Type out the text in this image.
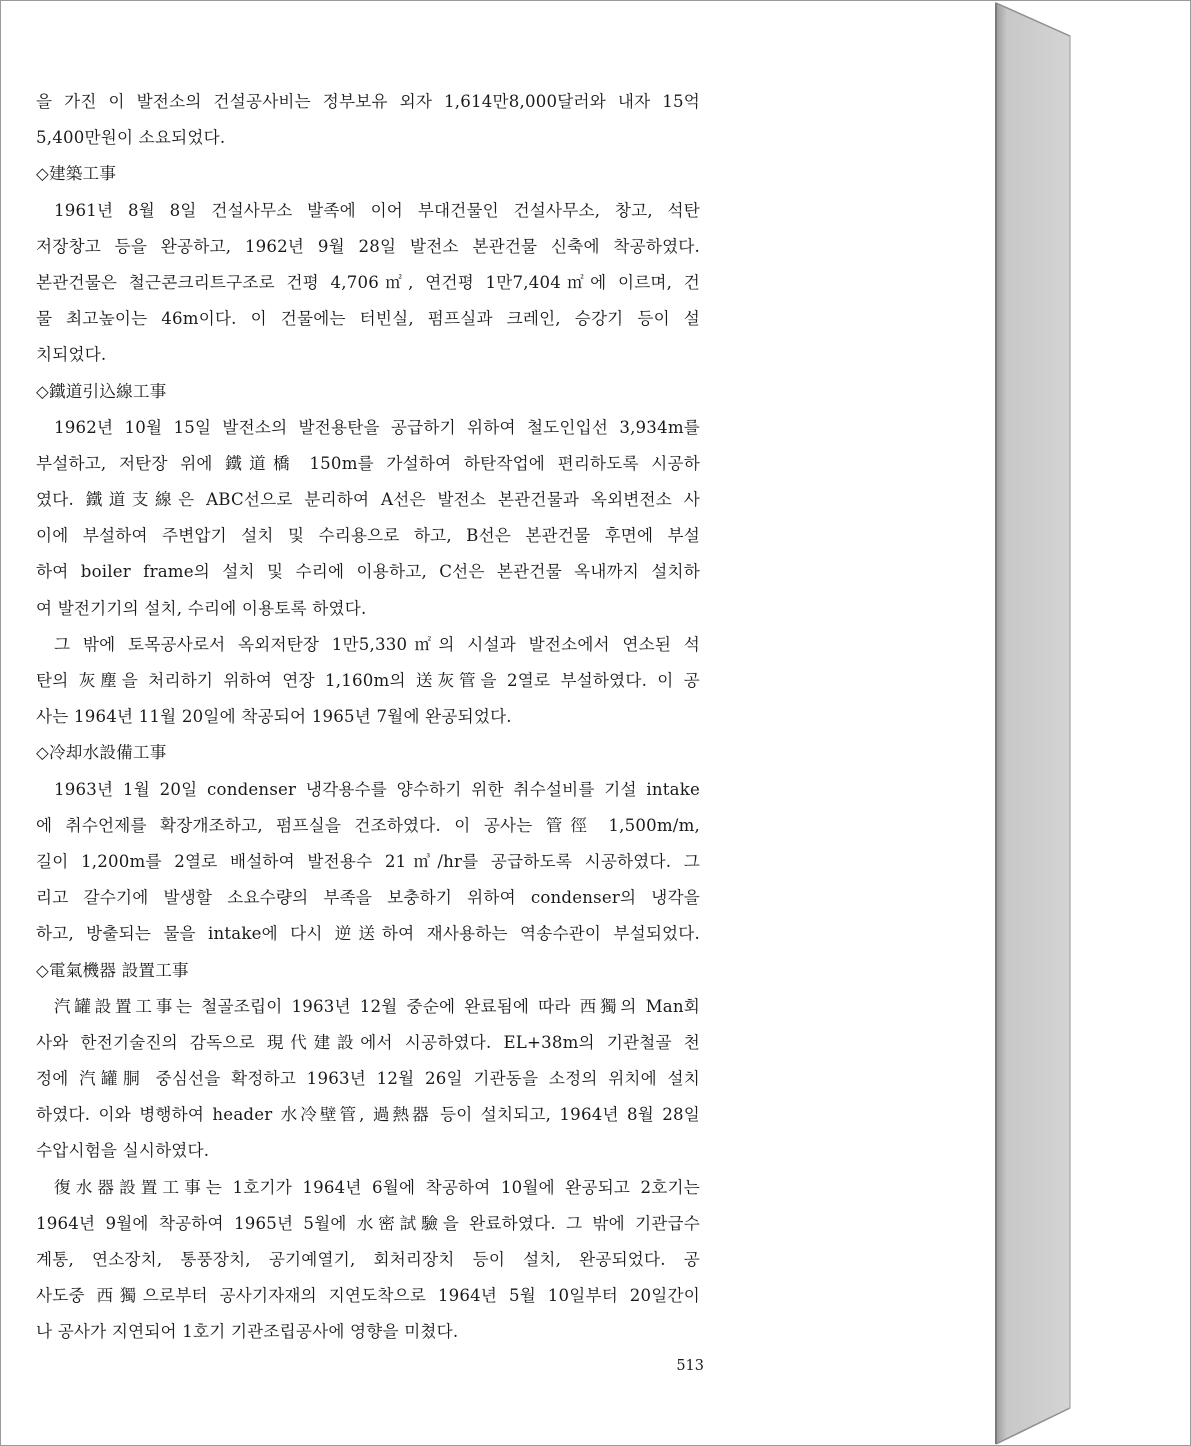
을 가진 이 발전소의 건설공사비는 정부보유 외자 1,614만8,000달러와 내자 15억
5,400만원이 소요되었다.
◇建築工事
1961년 8월 8일 건설사무소 발족에 이어 부대건물인 건설사무소, 창고, 석탄
저장창고 등을 완공하고, 1962년 9월 28일 발전소 본관건물 신축에 착공하였다.
본관건물은 철근콘크리트구조로 건평 4,706㎡, 연건평 1만7,404㎡에 이르며, 건
물 최고높이는 46m이다. 이 건물에는 터빈실, 펌프실과 크레인, 승강기 등이 설
치되었다.
◇鐵道引込線工事
1962년 10월 15일 발전소의 발전용탄을 공급하기 위하여 철도인입선 3,934m를
부설하고, 저탄장 위에 鐵道橋 150m를 가설하여 하탄작업에 편리하도록 시공하
였다. 鐵道支線은 ABC선으로 분리하여 A선은 발전소 본관건물과 옥외변전소 사
이에 부설하여 주변압기 설치 및 수리용으로 하고, B선은 본관건물 후면에 부설
하여 boiler frame의 설치 및 수리에 이용하고, C선은 본관건물 옥내까지 설치하
여 발전기기의 설치, 수리에 이용토록 하였다.
그 밖에 토목공사로서 옥외저탄장 1만5,330㎡의 시설과 발전소에서 연소된 석
탄의 灰塵을 처리하기 위하여 연장 1,160m의 送灰管을 2열로 부설하였다. 이 공
사는 1964년 11월 20일에 착공되어 1965년 7월에 완공되었다.
◇冷却水設備工事
1963년 1월 20일 condenser 냉각용수를 양수하기 위한 취수설비를 기설 intake
에 취수언제를 확장개조하고, 펌프실을 건조하였다. 이 공사는 管徑 1,500m/m,
길이 1,200m를 2열로 배설하여 발전용수 21㎥/hr를 공급하도록 시공하였다. 그
리고 갈수기에 발생할 소요수량의 부족을 보충하기 위하여 condenser의 냉각을
하고, 방출되는 물을 intake에 다시 逆送하여 재사용하는 역송수관이 부설되었다.
◇電氣機器 設置工事
汽罐設置工事는 철골조립이 1963년 12월 중순에 완료됨에 따라 西獨의 Man회
사와 한전기술진의 감독으로 現代建設에서 시공하였다. EL+38m의 기관철골 천
정에 汽罐胴 중심선을 확정하고 1963년 12월 26일 기관동을 소정의 위치에 설치
하였다. 이와 병행하여 header 水冷壁管, 過熱器 등이 설치되고, 1964년 8월 28일
수압시험을 실시하였다.
復水器設置工事는 1호기가 1964년 6월에 착공하여 10월에 완공되고 2호기는
1964년 9월에 착공하여 1965년 5월에 水密試驗을 완료하였다. 그 밖에 기관급수
계통, 연소장치, 통풍장치, 공기예열기, 회처리장치 등이 설치, 완공되었다. 공
사도중 西獨으로부터 공사기자재의 지연도착으로 1964년 5월 10일부터 20일간이
나 공사가 지연되어 1호기 기관조립공사에 영향을 미쳤다.
513
